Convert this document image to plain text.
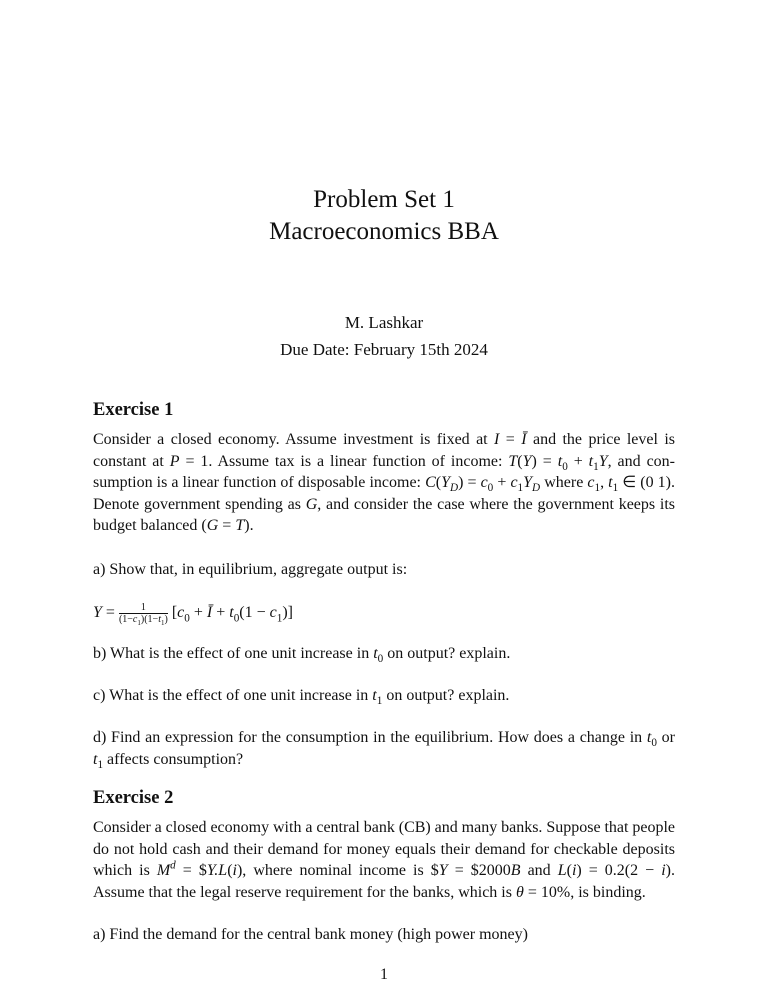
Problem Set 1
Macroeconomics BBA
M. Lashkar
Due Date: February 15th 2024
Exercise 1
Consider a closed economy. Assume investment is fixed at I = Ī and the price level is
constant at P = 1. Assume tax is a linear function of income: $T(Y) = t_0 + t_1Y$, and con-
sumption is a linear function of disposable income: $C(Y_D) = c_0 + c_1Y_D$ where $c_1$, $t_1$ ∈ (0 1).
Denote government spending as G, and consider the case where the government keeps its
budget balanced (G = T).
a) Show that, in equilibrium, aggregate output is:
$Y = \frac{1}{(1-c_1)(1-t_1)} [c_0$ + Ī + $t_0(1 - c_1)$]
b) What is the effect of one unit increase in $t_0$ on output? explain.
c) What is the effect of one unit increase in $t_1$ on output? explain.
d) Find an expression for the consumption in the equilibrium. How does a change in $t_0$ or
$t_1$ affects consumption?
Exercise 2
Consider a closed economy with a central bank (CB) and many banks. Suppose that people
do not hold cash and their demand for money equals their demand for checkable deposits
which is $M^d$ = $Y.L(i), where nominal income is $Y = $2000B and L(i) = 0.2(2 − i).
Assume that the legal reserve requirement for the banks, which is θ = 10%, is binding.
a) Find the demand for the central bank money (high power money)
1
